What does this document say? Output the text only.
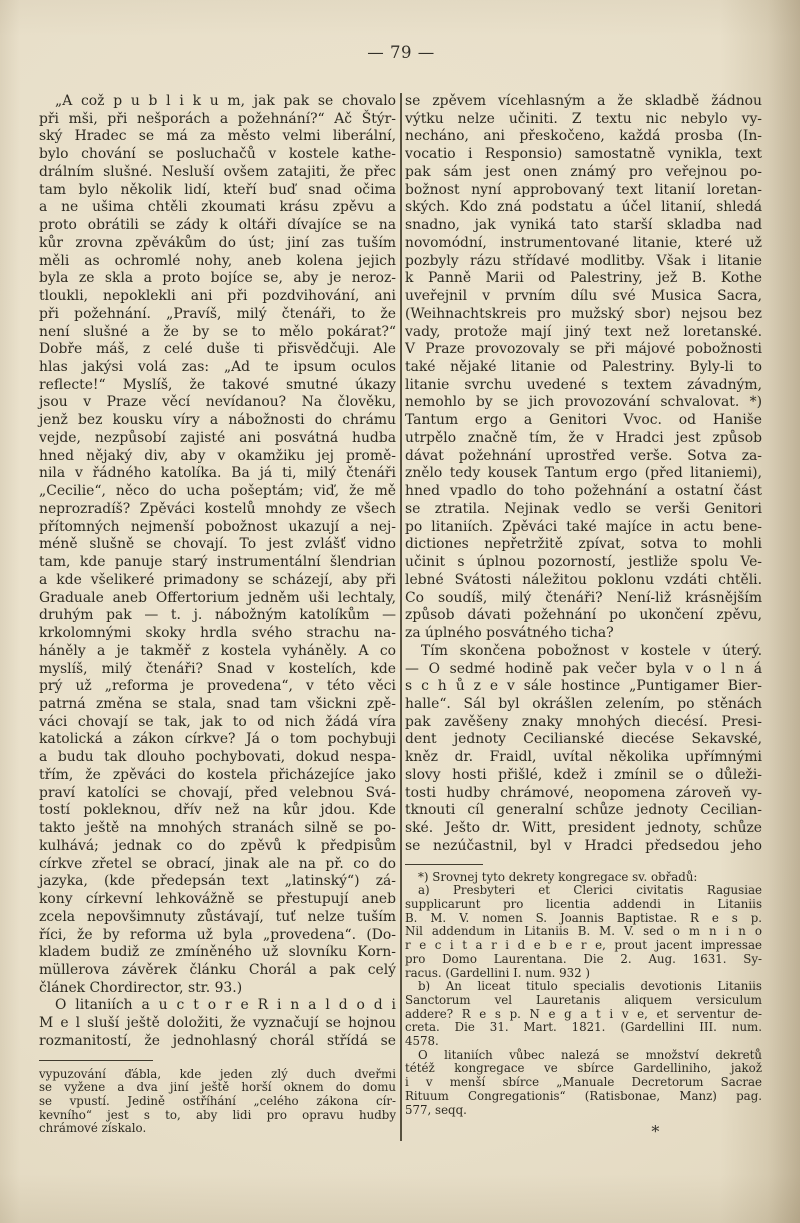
— 79 —
„A což p u b l i k u m, jak pak se chovalo
při mši, při nešporách a požehnání?“ Ač Štýr-
ský Hradec se má za město velmi liberální,
bylo chování se posluchačů v kostele kathe-
drálním slušné. Nesluší ovšem zatajiti, že přec
tam bylo několik lidí, kteří buď snad očima
a ne ušima chtěli zkoumati krásu zpěvu a
proto obrátili se zády k oltáři dívajíce se na
kůr zrovna zpěvákům do úst; jiní zas tuším
měli as ochromlé nohy, aneb kolena jejich
byla ze skla a proto bojíce se, aby je neroz-
tloukli, nepoklekli ani při pozdvihování, ani
při požehnání. „Pravíš, milý čtenáři, to že
není slušné a že by se to mělo pokárat?“
Dobře máš, z celé duše ti přisvědčuji. Ale
hlas jakýsi volá zas: „Ad te ipsum oculos
reflecte!“ Myslíš, že takové smutné úkazy
jsou v Praze věcí nevídanou? Na člověku,
jenž bez kousku víry a nábožnosti do chrámu
vejde, nezpůsobí zajisté ani posvátná hudba
hned nějaký div, aby v okamžiku jej promě-
nila v řádného katolíka. Ba já ti, milý čtenáři
„Cecilie“, něco do ucha pošeptám; viď, že mě
neprozradíš? Zpěváci kostelů mnohdy ze všech
přítomných nejmenší pobožnost ukazují a nej-
méně slušně se chovají. To jest zvlášť vidno
tam, kde panuje starý instrumentální šlendrian
a kde všelikeré primadony se scházejí, aby při
Graduale aneb Offertorium jedněm uši lechtaly,
druhým pak — t. j. nábožným katolíkům —
krkolomnými skoky hrdla svého strachu na-
háněly a je takměř z kostela vyháněly. A co
myslíš, milý čtenáři? Snad v kostelích, kde
prý už „reforma je provedena“, v této věci
patrná změna se stala, snad tam všickni zpě-
váci chovají se tak, jak to od nich žádá víra
katolická a zákon církve? Já o tom pochybuji
a budu tak dlouho pochybovati, dokud nespa-
třím, že zpěváci do kostela přicházejíce jako
praví katolíci se chovají, před velebnou Svá-
tostí pokleknou, dřív než na kůr jdou. Kde
takto ještě na mnohých stranách silně se po-
kulhává; jednak co do zpěvů k předpisům
církve zřetel se obrací, jinak ale na př. co do
jazyka, (kde předepsán text „latinský“) zá-
kony církevní lehkovážně se přestupují aneb
zcela nepovšimnuty zůstávají, tuť nelze tuším
říci, že by reforma už byla „provedena“. (Do-
kladem budiž ze zmíněného už slovníku Korn-
müllerova závěrek článku Chorál a pak celý
článek Chordirector, str. 93.)
O litaniích a u c t o r e R i n a l d o d i
M e l sluší ještě doložiti, že vyznačují se hojnou
rozmanitostí, že jednohlasný chorál střídá se
vypuzování ďábla, kde jeden zlý duch dveřmi
se vyžene a dva jiní ještě horší oknem do domu
se vpustí. Jedině ostříhání „celého zákona cír-
kevního“ jest s to, aby lidi pro opravu hudby
chrámové získalo.
se zpěvem vícehlasným a že skladbě žádnou
výtku nelze učiniti. Z textu nic nebylo vy-
necháno, ani přeskočeno, každá prosba (In-
vocatio i Responsio) samostatně vynikla, text
pak sám jest onen známý pro veřejnou po-
božnost nyní approbovaný text litanií loretan-
ských. Kdo zná podstatu a účel litanií, shledá
snadno, jak vyniká tato starší skladba nad
novomódní, instrumentované litanie, které už
pozbyly rázu střídavé modlitby. Však i litanie
k Panně Marii od Palestriny, jež B. Kothe
uveřejnil v prvním dílu své Musica Sacra,
(Weihnachtskreis pro mužský sbor) nejsou bez
vady, protože mají jiný text než loretanské.
V Praze provozovaly se při májové pobožnosti
také nějaké litanie od Palestriny. Byly-li to
litanie svrchu uvedené s textem závadným,
nemohlo by se jich provozování schvalovat. *)
Tantum ergo a Genitori Vvoc. od Haniše
utrpělo značně tím, že v Hradci jest způsob
dávat požehnání uprostřed verše. Sotva za-
znělo tedy kousek Tantum ergo (před litaniemi),
hned vpadlo do toho požehnání a ostatní část
se ztratila. Nejinak vedlo se verši Genitori
po litaniích. Zpěváci také majíce in actu bene-
dictiones nepřetržitě zpívat, sotva to mohli
učinit s úplnou pozorností, jestliže spolu Ve-
lebné Svátosti náležitou poklonu vzdáti chtěli.
Co soudíš, milý čtenáři? Není-liž krásnějším
způsob dávati požehnání po ukončení zpěvu,
za úplného posvátného ticha?
Tím skončena pobožnost v kostele v úterý.
— O sedmé hodině pak večer byla v o l n á
s c h ů z e v sále hostince „Puntigamer Bier-
halle“. Sál byl okrášlen zelením, po stěnách
pak zavěšeny znaky mnohých diecésí. Presi-
dent jednoty Cecilianské diecése Sekavské,
kněz dr. Fraidl, uvítal několika upřímnými
slovy hosti přišlé, kdež i zmínil se o důleži-
tosti hudby chrámové, neopomena zároveň vy-
tknouti cíl generalní schůze jednoty Cecilian-
ské. Ješto dr. Witt, president jednoty, schůze
se nezúčastnil, byl v Hradci předsedou jeho
*) Srovnej tyto dekrety kongregace sv. obřadů:
a) Presbyteri et Clerici civitatis Ragusiae
supplicarunt pro licentia addendi in Litaniis
B. M. V. nomen S. Joannis Baptistae. R e s p.
Nil addendum in Litaniis B. M. V. sed o m n i n o
r e c i t a r i d e b e r e, prout jacent impressae
pro Domo Laurentana. Die 2. Aug. 1631. Sy-
racus. (Gardellini I. num. 932 )
b) An liceat titulo specialis devotionis Litaniis
Sanctorum vel Lauretanis aliquem versiculum
addere? R e s p. N e g a t i v e, et serventur de-
creta. Die 31. Mart. 1821. (Gardellini III. num.
4578.
O litaniích vůbec nalezá se množství dekretů
tétéž kongregace ve sbírce Gardelliniho, jakož
i v menší sbírce „Manuale Decretorum Sacrae
Rituum Congregationis“ (Ratisbonae, Manz) pag.
577, seqq.
*
